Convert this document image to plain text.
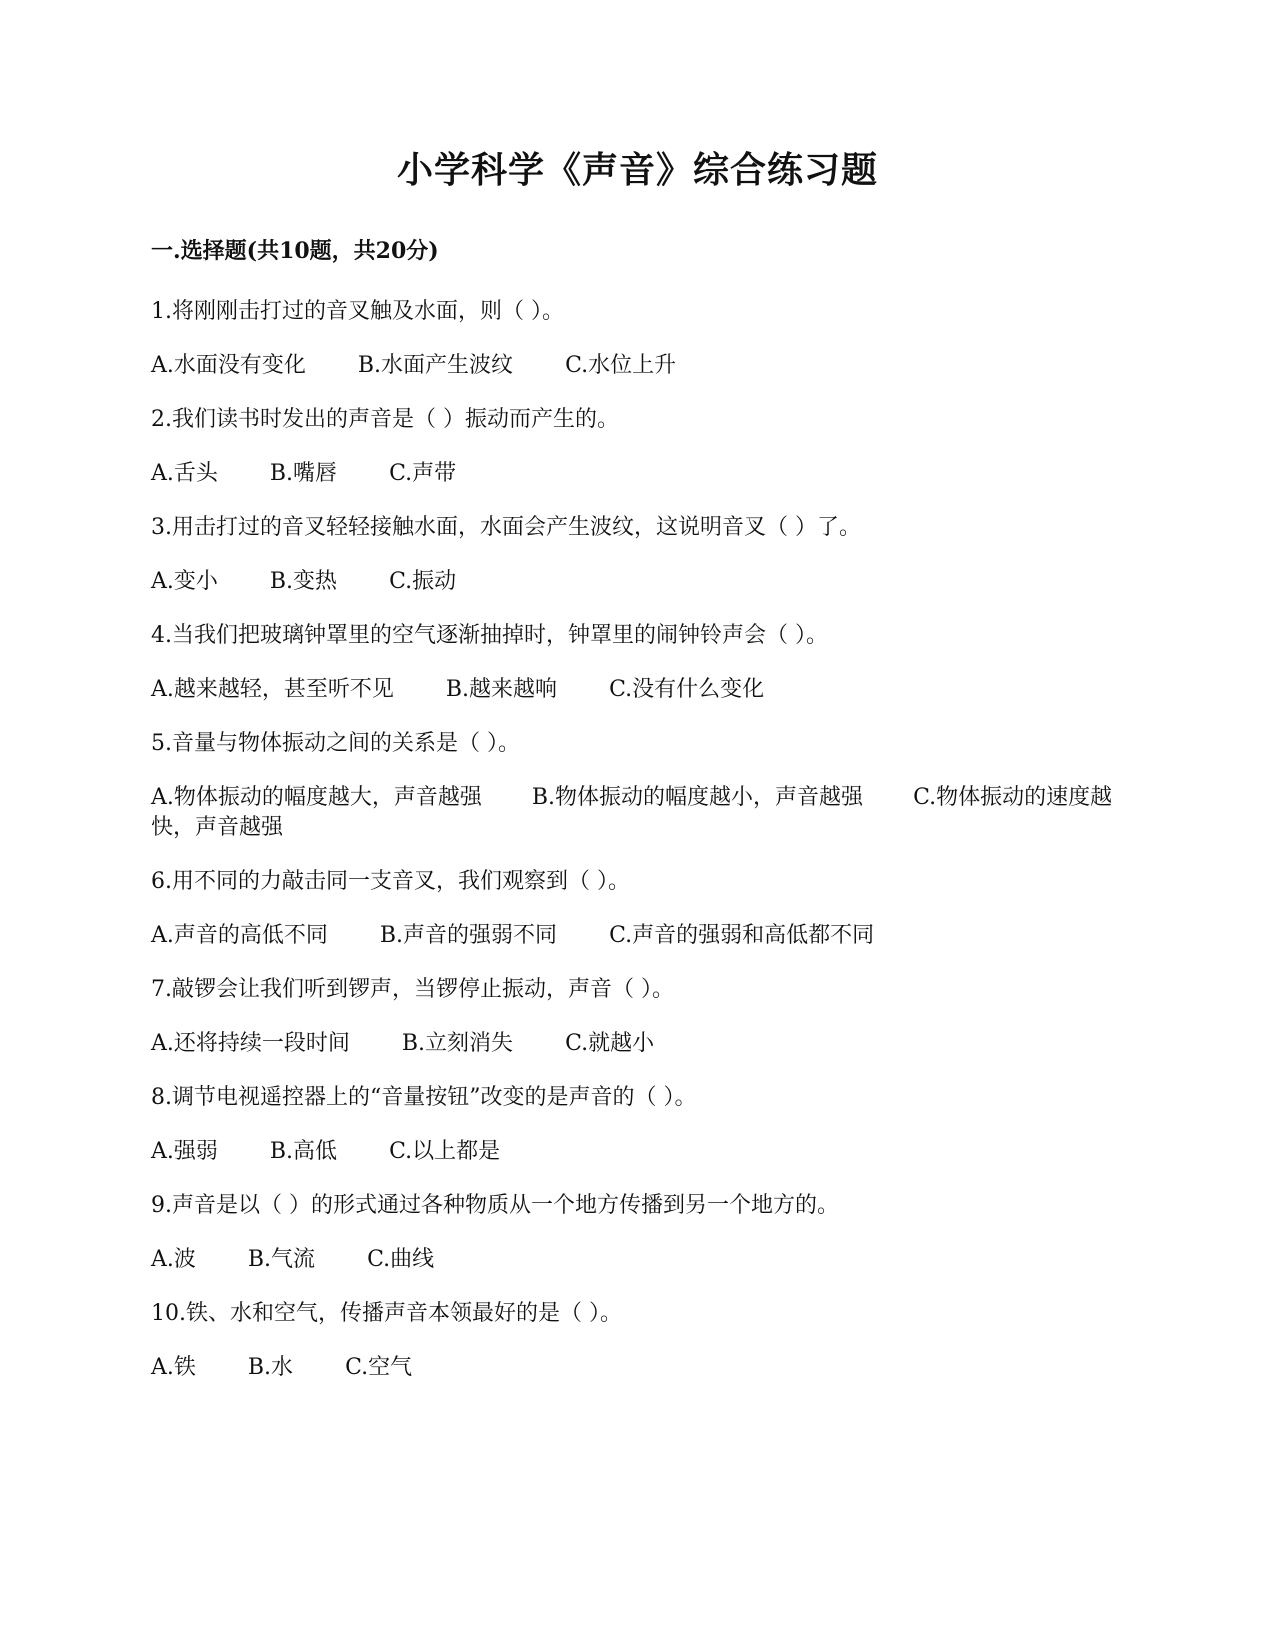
小学科学《声音》综合练习题
一.选择题(共10题，共20分)

1.将刚刚击打过的音叉触及水面，则（ ）。

A.水面没有变化 B.水面产生波纹 C.水位上升

2.我们读书时发出的声音是（ ）振动而产生的。

A.舌头 B.嘴唇 C.声带

3.用击打过的音叉轻轻接触水面，水面会产生波纹，这说明音叉（ ）了。

A.变小 B.变热 C.振动

4.当我们把玻璃钟罩里的空气逐渐抽掉时，钟罩里的闹钟铃声会（ ）。

A.越来越轻，甚至听不见 B.越来越响 C.没有什么变化

5.音量与物体振动之间的关系是（ ）。

A.物体振动的幅度越大，声音越强 B.物体振动的幅度越小，声音越强 C.物体振动的速度越快，声音越强

6.用不同的力敲击同一支音叉，我们观察到（ ）。

A.声音的高低不同 B.声音的强弱不同 C.声音的强弱和高低都不同

7.敲锣会让我们听到锣声，当锣停止振动，声音（ ）。

A.还将持续一段时间 B.立刻消失 C.就越小

8.调节电视遥控器上的“音量按钮”改变的是声音的（ ）。

A.强弱 B.高低 C.以上都是

9.声音是以（ ）的形式通过各种物质从一个地方传播到另一个地方的。

A.波 B.气流 C.曲线

10.铁、水和空气，传播声音本领最好的是（ ）。

A.铁 B.水 C.空气
